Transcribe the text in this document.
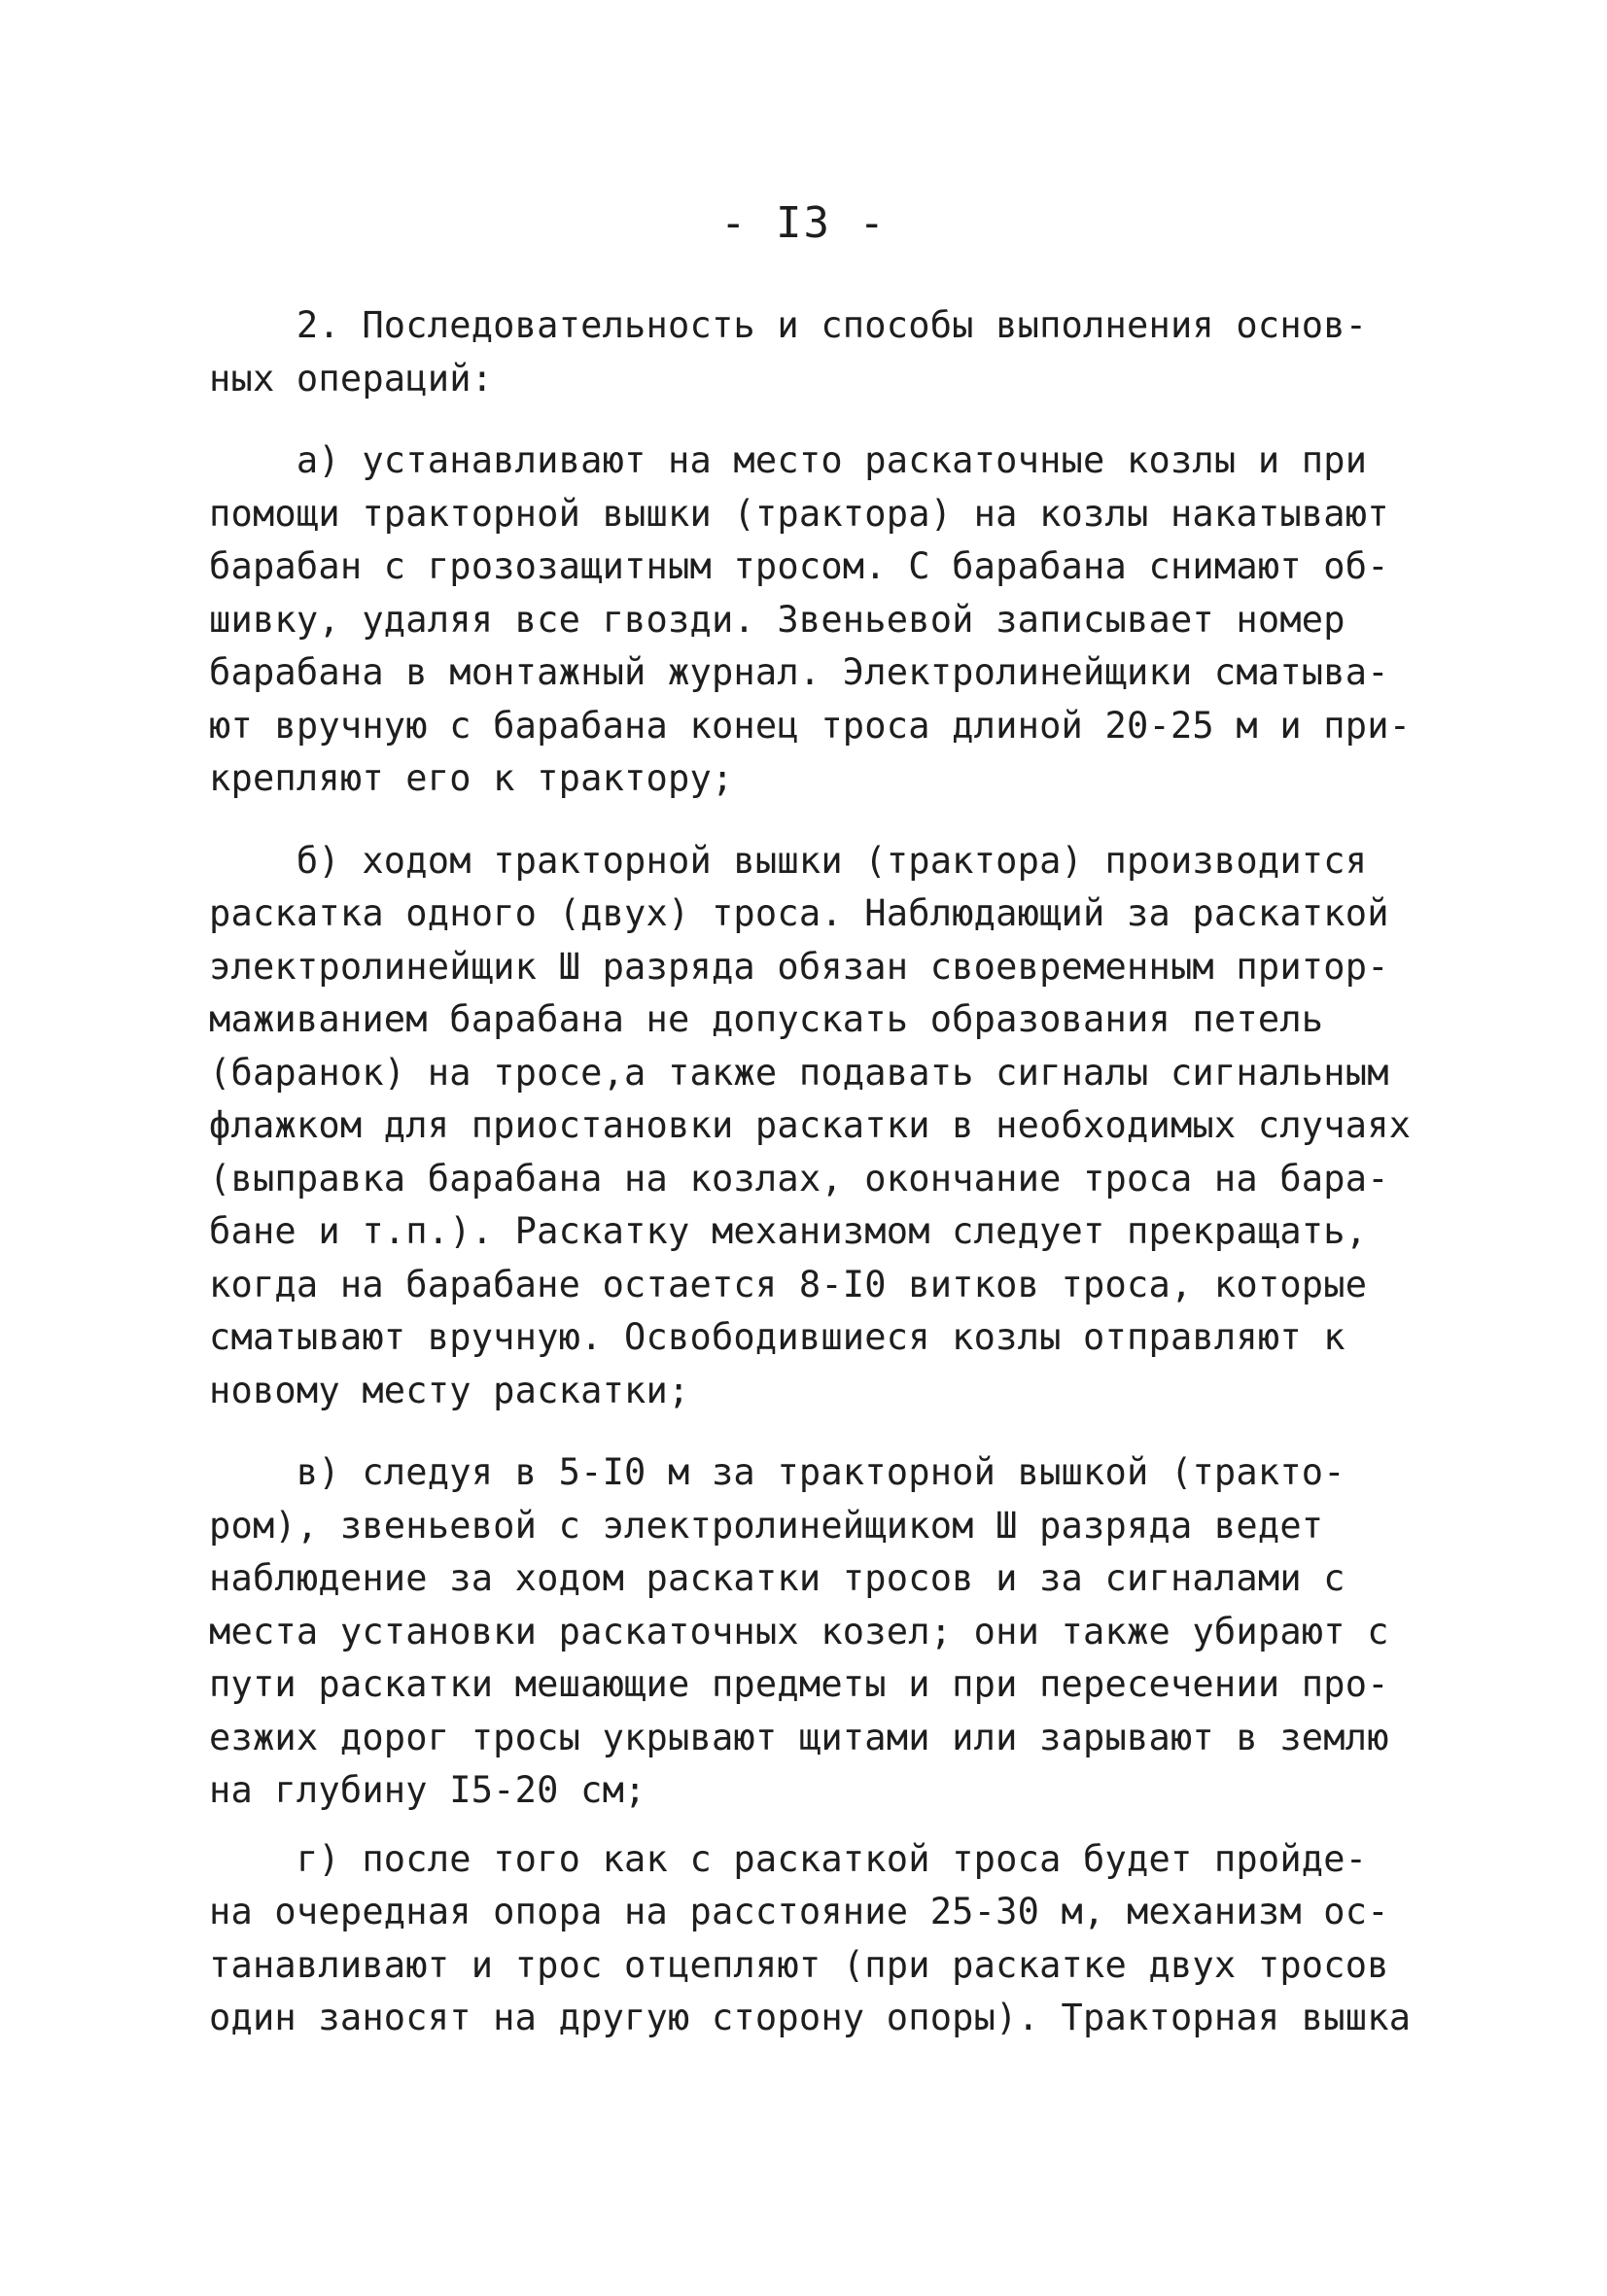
- I3 -
2. Последовательность и способы выполнения основ-
ных операций:
а) устанавливают на место раскаточные козлы и при
помощи тракторной вышки (трактора) на козлы накатывают
барабан с грозозащитным тросом. С барабана снимают об-
шивку, удаляя все гвозди. Звеньевой записывает номер
барабана в монтажный журнал. Электролинейщики сматыва-
ют вручную с барабана конец троса длиной 20-25 м и при-
крепляют его к трактору;
б) ходом тракторной вышки (трактора) производится
раскатка одного (двух) троса. Наблюдающий за раскаткой
электролинейщик Ш разряда обязан своевременным притор-
маживанием барабана не допускать образования петель
(баранок) на тросе,а также подавать сигналы сигнальным
флажком для приостановки раскатки в необходимых случаях
(выправка барабана на козлах, окончание троса на бара-
бане и т.п.). Раскатку механизмом следует прекращать,
когда на барабане остается 8-I0 витков троса, которые
сматывают вручную. Освободившиеся козлы отправляют к
новому месту раскатки;
в) следуя в 5-I0 м за тракторной вышкой (тракто-
ром), звеньевой с электролинейщиком Ш разряда ведет
наблюдение за ходом раскатки тросов и за сигналами с
места установки раскаточных козел; они также убирают с
пути раскатки мешающие предметы и при пересечении про-
езжих дорог тросы укрывают щитами или зарывают в землю
на глубину I5-20 см;
г) после того как с раскаткой троса будет пройде-
на очередная опора на расстояние 25-30 м, механизм ос-
танавливают и трос отцепляют (при раскатке двух тросов
один заносят на другую сторону опоры). Тракторная вышка
